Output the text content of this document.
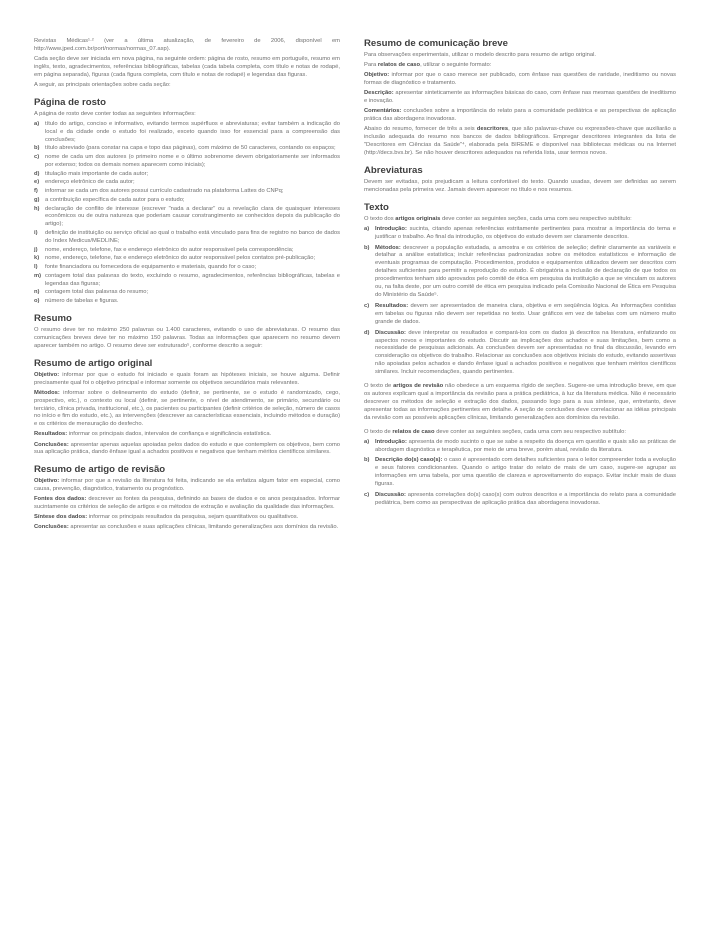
Revistas Médicas¹·² (ver a última atualização, de fevereiro de 2006, disponível em http://www.jped.com.br/port/normas/normas_07.asp).

Cada seção deve ser iniciada em nova página, na seguinte ordem: página de rosto, resumo em português, resumo em inglês, texto, agradecimentos, referências bibliográficas, tabelas (cada tabela completa, com título e notas de rodapé, em página separada), figuras (cada figura completa, com título e notas de rodapé) e legendas das figuras.

A seguir, as principais orientações sobre cada seção:

Página de rosto

A página de rosto deve conter todas as seguintes informações:

a) título do artigo, conciso e informativo, evitando termos supérfluos e abreviaturas; evitar também a indicação do local e da cidade onde o estudo foi realizado, exceto quando isso for essencial para a compreensão das conclusões;
b) título abreviado (para constar na capa e topo das páginas), com máximo de 50 caracteres, contando os espaços;
c) nome de cada um dos autores (o primeiro nome e o último sobrenome devem obrigatoriamente ser informados por extenso; todos os demais nomes aparecem como iniciais);
d) titulação mais importante de cada autor;
e) endereço eletrônico de cada autor;
f) informar se cada um dos autores possui currículo cadastrado na plataforma Lattes do CNPq;
g) a contribuição específica de cada autor para o estudo;
h) declaração de conflito de interesse (escrever "nada a declarar" ou a revelação clara de quaisquer interesses econômicos ou de outra natureza que poderiam causar constrangimento se conhecidos depois da publicação do artigo);
i) definição de instituição ou serviço oficial ao qual o trabalho está vinculado para fins de registro no banco de dados do Index Medicus/MEDLINE;
j) nome, endereço, telefone, fax e endereço eletrônico do autor responsável pela correspondência;
k) nome, endereço, telefone, fax e endereço eletrônico do autor responsável pelos contatos pré-publicação;
l) fonte financiadora ou fornecedora de equipamento e materiais, quando for o caso;
m) contagem total das palavras do texto, excluindo o resumo, agradecimentos, referências bibliográficas, tabelas e legendas das figuras;
n) contagem total das palavras do resumo;
o) número de tabelas e figuras.
Resumo

O resumo deve ter no máximo 250 palavras ou 1.400 caracteres, evitando o uso de abreviaturas. O resumo das comunicações breves deve ter no máximo 150 palavras. Todas as informações que aparecem no resumo devem aparecer também no artigo. O resumo deve ser estruturado⁵, conforme descrito a seguir:

Resumo de artigo original

Objetivo: informar por que o estudo foi iniciado e quais foram as hipóteses iniciais, se houve alguma. Definir precisamente qual foi o objetivo principal e informar somente os objetivos secundários mais relevantes.

Métodos: informar sobre o delineamento do estudo (definir, se pertinente, se o estudo é randomizado, cego, prospectivo, etc.), o contexto ou local (definir, se pertinente, o nível de atendimento, se primário, secundário ou terciário, clínica privada, institucional, etc.), os pacientes ou participantes (definir critérios de seleção, número de casos no início e fim do estudo, etc.), as intervenções (descrever as características essenciais, incluindo métodos e duração) e os critérios de mensuração do desfecho.

Resultados: informar os principais dados, intervalos de confiança e significância estatística.

Conclusões: apresentar apenas aquelas apoiadas pelos dados do estudo e que contemplem os objetivos, bem como sua aplicação prática, dando ênfase igual a achados positivos e negativos que tenham méritos científicos similares.

Resumo de artigo de revisão

Objetivo: informar por que a revisão da literatura foi feita, indicando se ela enfatiza algum fator em especial, como causa, prevenção, diagnóstico, tratamento ou prognóstico.

Fontes dos dados: descrever as fontes da pesquisa, definindo as bases de dados e os anos pesquisados. Informar sucintamente os critérios de seleção de artigos e os métodos de extração e avaliação da qualidade das informações.

Síntese dos dados: informar os principais resultados da pesquisa, sejam quantitativos ou qualitativos.

Conclusões: apresentar as conclusões e suas aplicações clínicas, limitando generalizações aos domínios da revisão.

Resumo de comunicação breve

Para observações experimentais, utilizar o modelo descrito para resumo de artigo original.

Para relatos de caso, utilizar o seguinte formato:

Objetivo: informar por que o caso merece ser publicado, com ênfase nas questões de raridade, ineditismo ou novas formas de diagnóstico e tratamento.

Descrição: apresentar sinteticamente as informações básicas do caso, com ênfase nas mesmas questões de ineditismo e inovação.

Comentários: conclusões sobre a importância do relato para a comunidade pediátrica e as perspectivas de aplicação prática das abordagens inovadoras.

Abaixo do resumo, fornecer de três a seis descritores, que são palavras-chave ou expressões-chave que auxiliarão a inclusão adequada do resumo nos bancos de dados bibliográficos. Empregar descritores integrantes da lista de "Descritores em Ciências da Saúde"⁴, elaborada pela BIREME e disponível nas bibliotecas médicas ou na Internet (http://decs.bvs.br). Se não houver descritores adequados na referida lista, usar termos novos.

Abreviaturas

Devem ser evitadas, pois prejudicam a leitura confortável do texto. Quando usadas, devem ser definidas ao serem mencionadas pela primeira vez. Jamais devem aparecer no título e nos resumos.

Texto

O texto dos artigos originais deve conter as seguintes seções, cada uma com seu respectivo subtítulo:

a) Introdução: sucinta, citando apenas referências estritamente pertinentes para mostrar a importância do tema e justificar o trabalho. Ao final da introdução, os objetivos do estudo devem ser claramente descritos.
b) Métodos: descrever a população estudada, a amostra e os critérios de seleção; definir claramente as variáveis e detalhar a análise estatística; incluir referências padronizadas sobre os métodos estatísticos e informação de eventuais programas de computação. Procedimentos, produtos e equipamentos utilizados devem ser descritos com detalhes suficientes para permitir a reprodução do estudo. É obrigatória a inclusão de declaração de que todos os procedimentos tenham sido aprovados pelo comitê de ética em pesquisa da instituição a que se vinculam os autores ou, na falta deste, por um outro comitê de ética em pesquisa indicado pela Comissão Nacional de Ética em Pesquisa do Ministério da Saúde⁵.
c) Resultados: devem ser apresentados de maneira clara, objetiva e em seqüência lógica. As informações contidas em tabelas ou figuras não devem ser repetidas no texto. Usar gráficos em vez de tabelas com um número muito grande de dados.
d) Discussão: deve interpretar os resultados e compará-los com os dados já descritos na literatura, enfatizando os aspectos novos e importantes do estudo. Discutir as implicações dos achados e suas limitações, bem como a necessidade de pesquisas adicionais. As conclusões devem ser apresentadas no final da discussão, levando em consideração os objetivos do trabalho. Relacionar as conclusões aos objetivos iniciais do estudo, evitando assertivas não apoiadas pelos achados e dando ênfase igual a achados positivos e negativos que tenham méritos científicos similares. Incluir recomendações, quando pertinentes.

O texto de artigos de revisão não obedece a um esquema rígido de seções. Sugere-se uma introdução breve, em que os autores explicam qual a importância da revisão para a prática pediátrica, à luz da literatura médica. Não é necessário descrever os métodos de seleção e extração dos dados, passando logo para a sua síntese, que, entretanto, deve apresentar todas as informações pertinentes em detalhe. A seção de conclusões deve correlacionar as idéias principais da revisão com as possíveis aplicações clínicas, limitando generalizações aos domínios da revisão.

O texto de relatos de caso deve conter as seguintes seções, cada uma com seu respectivo subtítulo:

a) Introdução: apresenta de modo sucinto o que se sabe a respeito da doença em questão e quais são as práticas de abordagem diagnóstica e terapêutica, por meio de uma breve, porém atual, revisão da literatura.
b) Descrição do(s) caso(s): o caso é apresentado com detalhes suficientes para o leitor compreender toda a evolução e seus fatores condicionantes. Quando o artigo tratar do relato de mais de um caso, sugere-se agrupar as informações em uma tabela, por uma questão de clareza e aproveitamento do espaço. Evitar incluir mais de duas figuras.
c) Discussão: apresenta correlações do(s) caso(s) com outros descritos e a importância do relato para a comunidade pediátrica, bem como as perspectivas de aplicação prática das abordagens inovadoras.
